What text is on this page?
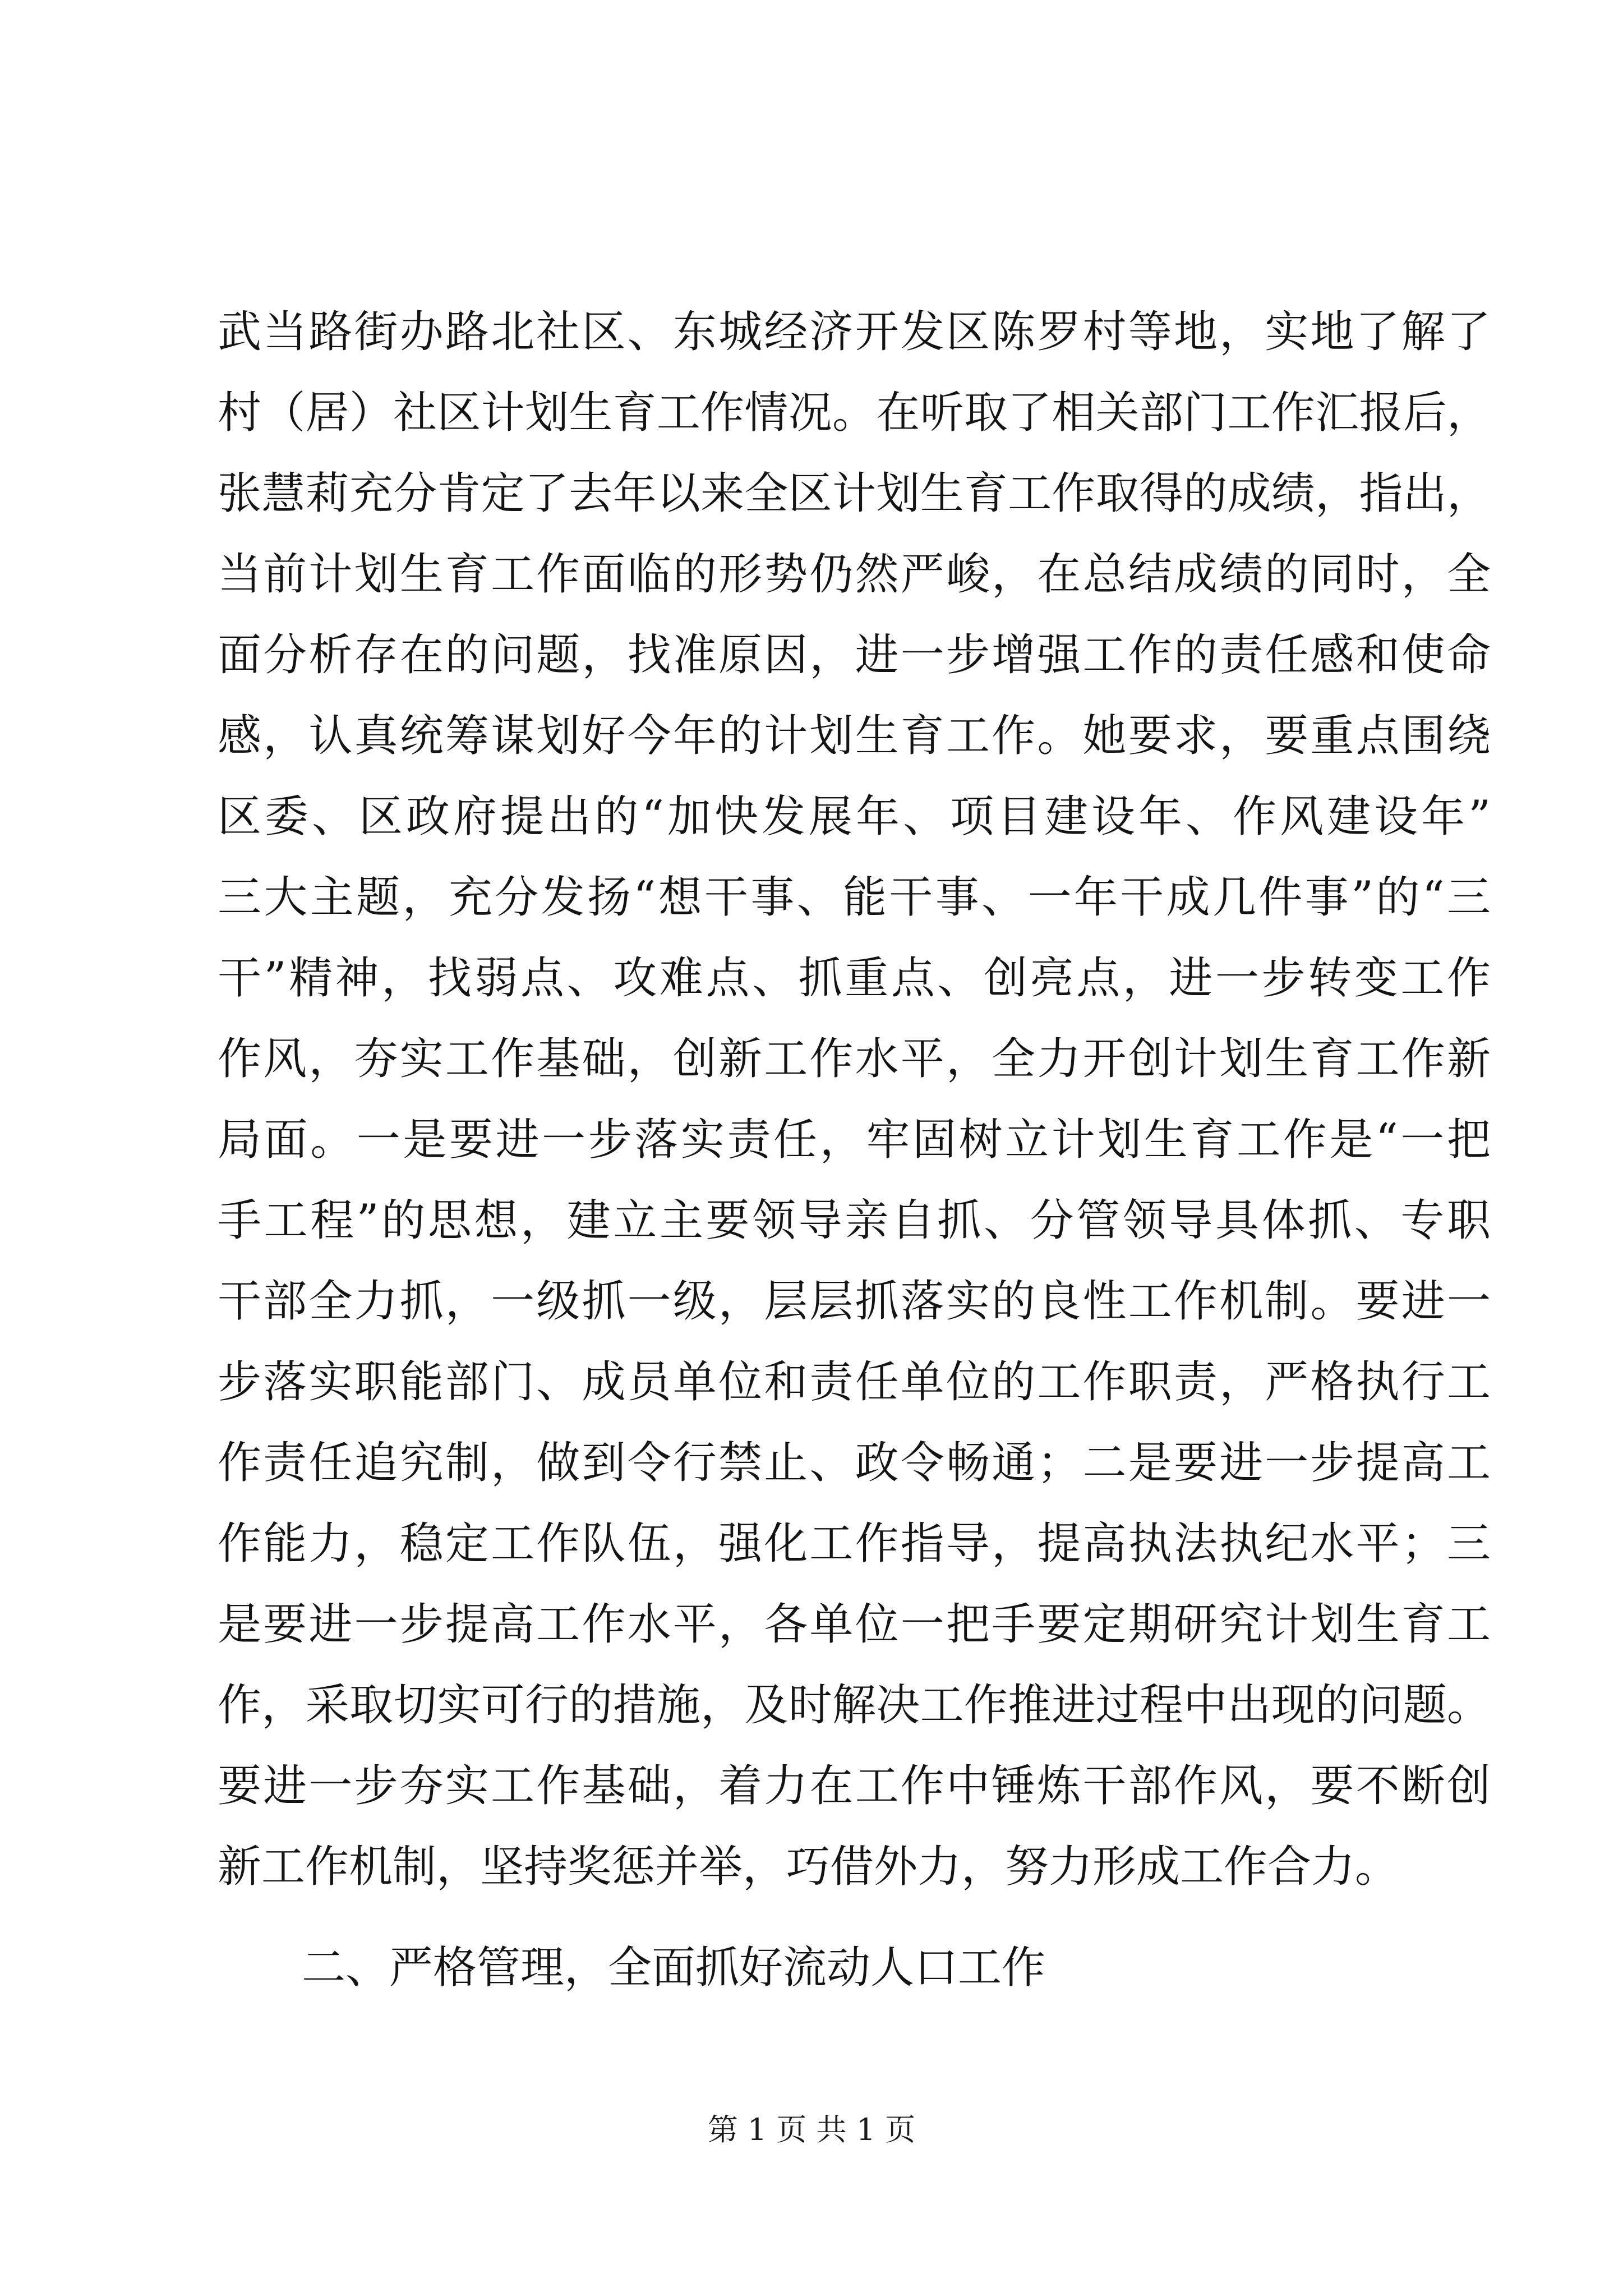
武当路街办路北社区、东城经济开发区陈罗村等地，实地了解了
村（居）社区计划生育工作情况。在听取了相关部门工作汇报后，
张慧莉充分肯定了去年以来全区计划生育工作取得的成绩，指出，
当前计划生育工作面临的形势仍然严峻，在总结成绩的同时，全
面分析存在的问题，找准原因，进一步增强工作的责任感和使命
感，认真统筹谋划好今年的计划生育工作。她要求，要重点围绕
区委、区政府提出的“加快发展年、项目建设年、作风建设年”
三大主题，充分发扬“想干事、能干事、一年干成几件事”的“三
干”精神，找弱点、攻难点、抓重点、创亮点，进一步转变工作
作风，夯实工作基础，创新工作水平，全力开创计划生育工作新
局面。一是要进一步落实责任，牢固树立计划生育工作是“一把
手工程”的思想，建立主要领导亲自抓、分管领导具体抓、专职
干部全力抓，一级抓一级，层层抓落实的良性工作机制。要进一
步落实职能部门、成员单位和责任单位的工作职责，严格执行工
作责任追究制，做到令行禁止、政令畅通；二是要进一步提高工
作能力，稳定工作队伍，强化工作指导，提高执法执纪水平；三
是要进一步提高工作水平，各单位一把手要定期研究计划生育工
作，采取切实可行的措施，及时解决工作推进过程中出现的问题。
要进一步夯实工作基础，着力在工作中锤炼干部作风，要不断创
新工作机制，坚持奖惩并举，巧借外力，努力形成工作合力。
二、严格管理，全面抓好流动人口工作
第 1 页 共 1 页
